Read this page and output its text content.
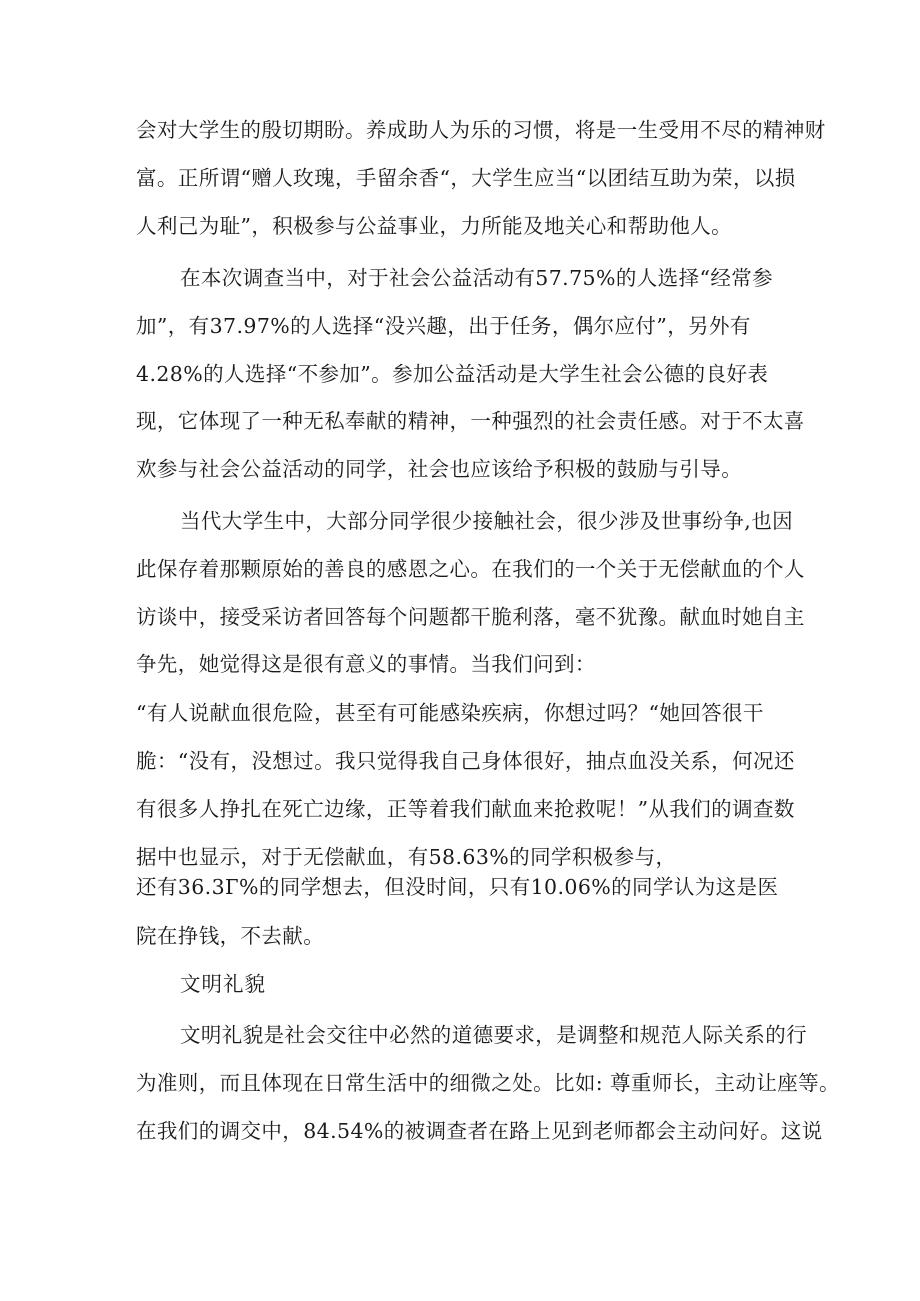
会对大学生的殷切期盼。养成助人为乐的习惯，将是一生受用不尽的精神财
富。正所谓“赠人玫瑰，手留余香“，大学生应当“以团结互助为荣，以损
人利己为耻”，积极参与公益事业，力所能及地关心和帮助他人。
在本次调查当中，对于社会公益活动有57.75%的人选择“经常参
加”，有37.97%的人选择“没兴趣，出于任务，偶尔应付”，另外有
4.28%的人选择“不参加”。参加公益活动是大学生社会公德的良好表
现，它体现了一种无私奉献的精神，一种强烈的社会责任感。对于不太喜
欢参与社会公益活动的同学，社会也应该给予积极的鼓励与引导。
当代大学生中，大部分同学很少接触社会，很少涉及世事纷争,也因
此保存着那颗原始的善良的感恩之心。在我们的一个关于无偿献血的个人
访谈中，接受采访者回答每个问题都干脆利落，毫不犹豫。献血时她自主
争先，她觉得这是很有意义的事情。当我们问到：
“有人说献血很危险，甚至有可能感染疾病，你想过吗？“她回答很干
脆：“没有，没想过。我只觉得我自己身体很好，抽点血没关系，何况还
有很多人挣扎在死亡边缘，正等着我们献血来抢救呢！”从我们的调查数
据中也显示，对于无偿献血，有58.63%的同学积极参与，
还有36.3Г%的同学想去，但没时间，只有10.06%的同学认为这是医
院在挣钱，不去献。
文明礼貌
文明礼貌是社会交往中必然的道德要求，是调整和规范人际关系的行
为准则，而且体现在日常生活中的细微之处。比如: 尊重师长，主动让座等。
在我们的调交中，84.54%的被调查者在路上见到老师都会主动问好。这说
